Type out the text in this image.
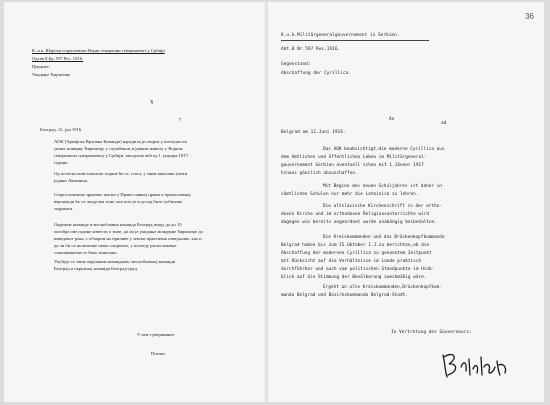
К. и к. Шарски и краљевски Војни генерални гувернамент у Србији
Одсек 8 Бр. 597 Рес. 1916.
Предмет:
Укидање Ћирилице
Ђ
у
Београд, 12. јун 1916.
АОК [Армијска Врховна Команда] наредила је својим у потпуности
укине моиврву Ћирилицу у службеном и јавном животу у Војном
генералном гувернаменту у Србији, закључно већ од 1. јануара 1917.
године.
Од почетка нове школске године ће се, стога, у свим школама учити
једино Латиница.
Старословенско црквено писмо у Православној цркви и православној
веронауци ће се, медутим тоне, као што је и досад било уобичено
задржати.
Окружне команде и месноблавна команда Београд имају да до 15
октобра ове године извести о томе, да ли је укидање моидерне Ћирилице до
наведеног рока, с обзиром на приливе у земљи практично изведљиво, као и
да ли би са политичке тачке гледишта, у погледу расположење
становништва то било пожељно.
Упућује се свим окружним командама, месноблавној команди
Београд и окружној команди Београд-град.
У име гувернамнет
Потпис
36
K.u.k.Militärgeneralgouvernement in Serbien.
Abt.8 Nr.597 Res.1916.
Gegenstand:
Abschaffung der Cyrillica.
An
ad
Belgrad am 12.Juni 1916.
Das AOK beabsichtigt,die moderne Cyrillica aus
dem Amtlichen und öffentlichen Leben im Militärgeneral-
gouvernement Serbien eventuell schon mit 1.Jänner 1917
hinaus gänzlich abzuschaffen.
Mit Beginn des neuen Schuljahres ist daher in
sämtlichen Schulen nur mehr die Lateinica zu lehren.
Die altslavische Kirchenschrift in der ortho-
doxen Kirche und im orthodoxen Religionsunterrichte wird
dagegen wie bereits angeordnet wurde unabängig beibehalten.
Die Kreiskommanden und das Brückenkopfkommando
Belgrad haben bis zum 15.Oktober 1.J.zu berichten,ob die
Abschaffung der modernen Cyrillica zu genanntem Zeitpunkt
mit Rücksicht auf die Verhältnisse im Lande praktisch
durchführbar und auch vom politischen Standpunkte im Hinb-
blick auf die Stimmung der Bevölkerung zweckmäßig wäre.
Ergeht an alle Kreiskommanden,Brückenkopfkom-
mando Belgrad und Bezirkskommando Belgrad-Stadt.
In Vertretung des Gouverneurs:
